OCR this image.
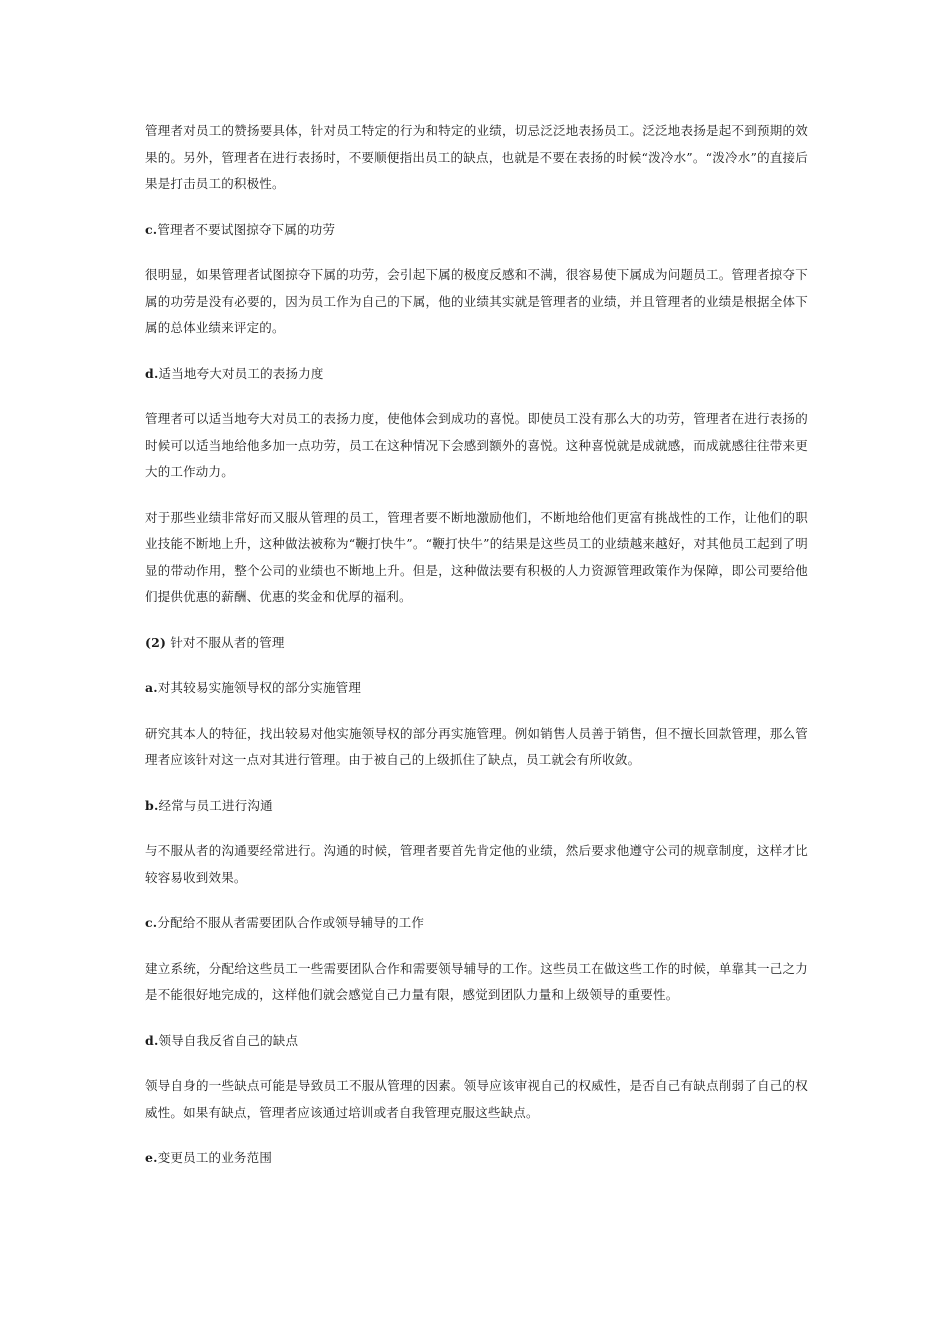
管理者对员工的赞扬要具体，针对员工特定的行为和特定的业绩，切忌泛泛地表扬员工。泛泛地表扬是起不到预期的效果的。另外，管理者在进行表扬时，不要顺便指出员工的缺点，也就是不要在表扬的时候“泼冷水”。“泼冷水”的直接后果是打击员工的积极性。

c.管理者不要试图掠夺下属的功劳

很明显，如果管理者试图掠夺下属的功劳，会引起下属的极度反感和不满，很容易使下属成为问题员工。管理者掠夺下属的功劳是没有必要的，因为员工作为自己的下属，他的业绩其实就是管理者的业绩，并且管理者的业绩是根据全体下属的总体业绩来评定的。

d.适当地夸大对员工的表扬力度

管理者可以适当地夸大对员工的表扬力度，使他体会到成功的喜悦。即使员工没有那么大的功劳，管理者在进行表扬的时候可以适当地给他多加一点功劳，员工在这种情况下会感到额外的喜悦。这种喜悦就是成就感，而成就感往往带来更大的工作动力。

对于那些业绩非常好而又服从管理的员工，管理者要不断地激励他们，不断地给他们更富有挑战性的工作，让他们的职业技能不断地上升，这种做法被称为“鞭打快牛”。“鞭打快牛”的结果是这些员工的业绩越来越好，对其他员工起到了明显的带动作用，整个公司的业绩也不断地上升。但是，这种做法要有积极的人力资源管理政策作为保障，即公司要给他们提供优惠的薪酬、优惠的奖金和优厚的福利。

(2) 针对不服从者的管理

a.对其较易实施领导权的部分实施管理

研究其本人的特征，找出较易对他实施领导权的部分再实施管理。例如销售人员善于销售，但不擅长回款管理，那么管理者应该针对这一点对其进行管理。由于被自己的上级抓住了缺点，员工就会有所收敛。

b.经常与员工进行沟通

与不服从者的沟通要经常进行。沟通的时候，管理者要首先肯定他的业绩，然后要求他遵守公司的规章制度，这样才比较容易收到效果。

c.分配给不服从者需要团队合作或领导辅导的工作

建立系统，分配给这些员工一些需要团队合作和需要领导辅导的工作。这些员工在做这些工作的时候，单靠其一己之力是不能很好地完成的，这样他们就会感觉自己力量有限，感觉到团队力量和上级领导的重要性。

d.领导自我反省自己的缺点

领导自身的一些缺点可能是导致员工不服从管理的因素。领导应该审视自己的权威性，是否自己有缺点削弱了自己的权威性。如果有缺点，管理者应该通过培训或者自我管理克服这些缺点。

e.变更员工的业务范围
